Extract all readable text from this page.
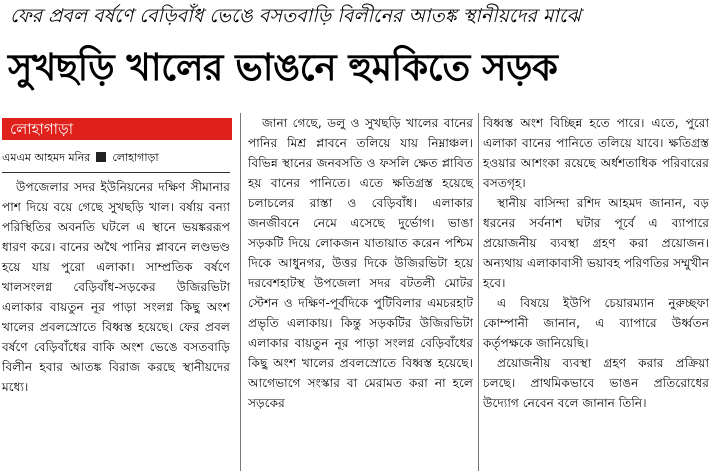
ফের প্রবল বর্ষণে বেড়িবাঁধ ভেঙে বসতবাড়ি বিলীনের আতঙ্ক স্থানীয়দের মাঝে
সুখছড়ি খালের ভাঙনে হুমকিতে সড়ক
লোহাগাড়া
এমএম আহমদ মনির লোহাগাড়া

উপজেলার সদর ইউনিয়নের দক্ষিণ সীমানার পাশ দিয়ে বয়ে গেছে সুখছড়ি খাল। বর্ষায় বন্যা পরিস্থিতির অবনতি ঘটলে এ স্থানে ভয়ঙ্কররূপ ধারণ করে। বানের অথৈ পানির প্লাবনে লণ্ডভণ্ড হয়ে যায় পুরো এলাকা। সাম্প্রতিক বর্ষণে খালসংলগ্ন বেড়িবাঁধ-সড়কের উজিরভিটা এলাকার বায়তুন নূর পাড়া সংলগ্ন কিছু অংশ খালের প্রবলস্রোতে বিধ্বস্ত হয়েছে। ফের প্রবল বর্ষণে বেড়িবাঁধের বাকি অংশ ভেঙে বসতবাড়ি বিলীন হবার আতঙ্ক বিরাজ করছে স্থানীয়দের মধ্যে।

জানা গেছে, ডলু ও সুখছড়ি খালের বানের পানির মিশ্র প্লাবনে তলিয়ে যায় নিম্নাঞ্চল। বিভিন্ন স্থানের জনবসতি ও ফসলি ক্ষেত প্লাবিত হয় বানের পানিতে। এতে ক্ষতিগ্রস্ত হয়েছে চলাচলের রাস্তা ও বেড়িবাঁধ। এলাকার জনজীবনে নেমে এসেছে দুর্ভোগ। ভাঙা সড়কটি দিয়ে লোকজন যাতায়াত করেন পশ্চিম দিকে আধুনগর, উত্তর দিকে উজিরভিটা হয়ে দরবেশহাটস্থ উপজেলা সদর বটতলী মোটর স্টেশন ও দক্ষিণ-পূর্বদিকে পুটিবিলার এমচরহাট প্রভৃতি এলাকায়। কিন্তু সড়কটির উজিরভিটা এলাকার বায়তুন নূর পাড়া সংলগ্ন বেড়িবাঁধের কিছু অংশ খালের প্রবলস্রোতে বিধ্বস্ত হয়েছে। আগেভাগে সংস্কার বা মেরামত করা না হলে সড়কের

বিধ্বস্ত অংশ বিচ্ছিন্ন হতে পারে। এতে, পুরো এলাকা বানের পানিতে তলিয়ে যাবে। ক্ষতিগ্রস্ত হওয়ার আশংকা রয়েছে অর্ধশতাধিক পরিবারের বসতগৃহ।

স্থানীয় বাসিন্দা রশিদ আহমদ জানান, বড় ধরনের সর্বনাশ ঘটার পূর্বে এ ব্যাপারে প্রয়োজনীয় ব্যবস্থা গ্রহণ করা প্রয়োজন। অন্যথায় এলাকাবাসী ভয়াবহ পরিণতির সম্মুখীন হবে।

এ বিষয়ে ইউপি চেয়ারম্যান নুরুচ্ছফা কোম্পানী জানান, এ ব্যাপারে উর্ধ্বতন কর্তৃপক্ষকে জানিয়েছি।

প্রয়োজনীয় ব্যবস্থা গ্রহণ করার প্রক্রিয়া চলছে। প্রাথমিকভাবে ভাঙন প্রতিরোধের উদ্যোগ নেবেন বলে জানান তিনি।
